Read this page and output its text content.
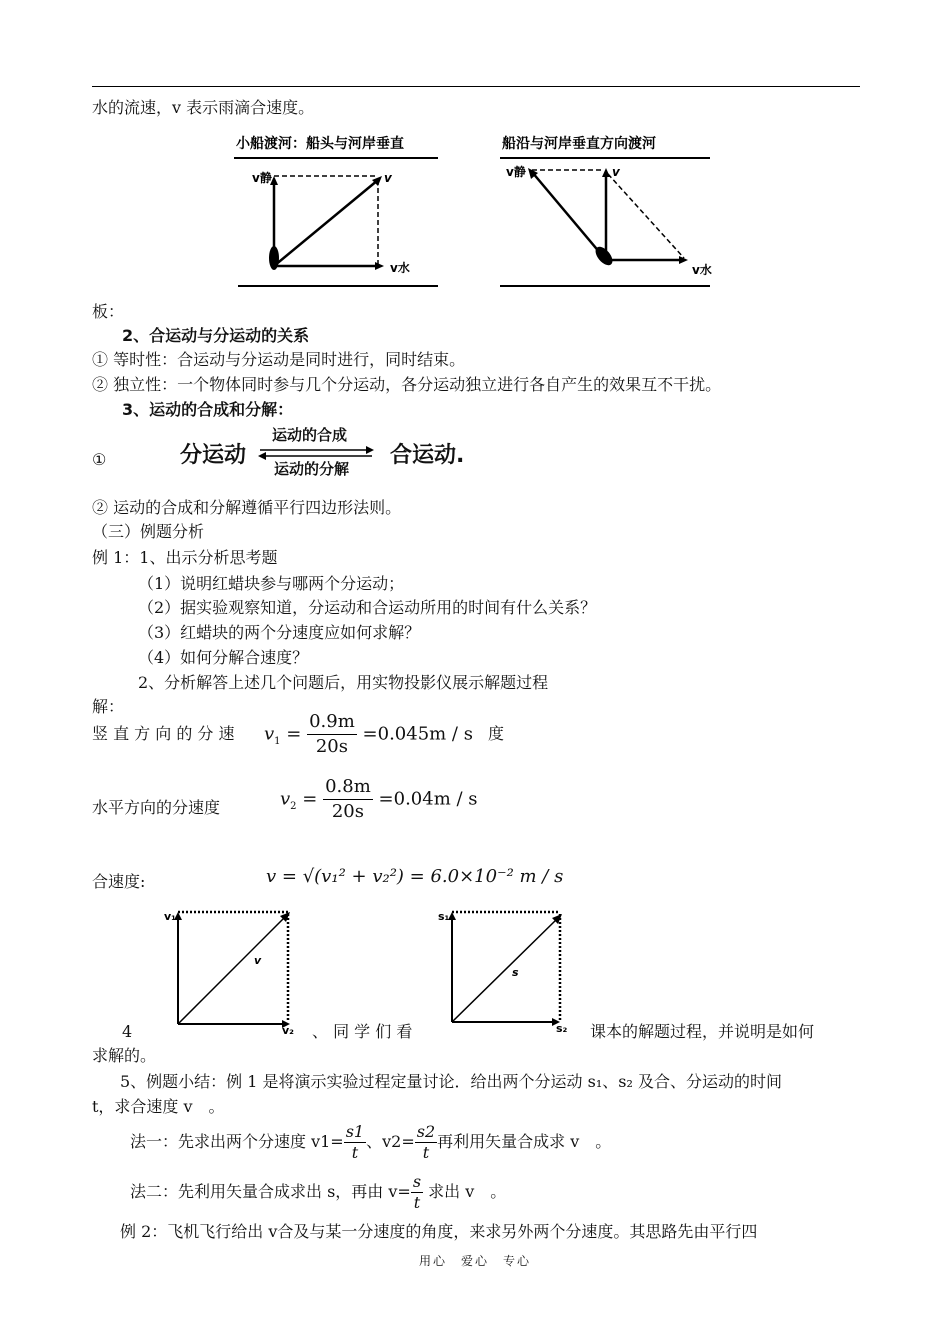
水的流速，v 表示雨滴合速度。
小船渡河：船头与河岸垂直
v静	v
v水
船沿与河岸垂直方向渡河
v静	v
v水
板：
2、合运动与分运动的关系
① 等时性：合运动与分运动是同时进行，同时结束。
② 独立性：一个物体同时参与几个分运动，各分运动独立进行各自产生的效果互不干扰。
3、运动的合成和分解：
①	分运动
运动的合成
运动的分解
合运动.
② 运动的合成和分解遵循平行四边形法则。
（三）例题分析
例 1：1、出示分析思考题
（1）说明红蜡块参与哪两个分运动；
（2）据实验观察知道，分运动和合运动所用的时间有什么关系？
（3）红蜡块的两个分速度应如何求解？
（4）如何分解合速度？
2、分析解答上述几个问题后，用实物投影仪展示解题过程
解：
竖 直 方 向 的 分 速 $v_1 = \frac{0.9m}{20s} =0.045m / s$ 度
水平方向的分速度	$v_2 = \frac{0.8m}{20s} =0.04m / s$
合速度:	v = √(v₁² + v₂²) = 6.0×10⁻² m / s
v₁
v
v₂
s₁
s
s₂
4	、 同 学 们 看	课本的解题过程，并说明是如何
求解的。
5、例题小结：例 1 是将演示实验过程定量讨论．给出两个分运动 s₁、s₂ 及合、分运动的时间
t，求合速度 v　。
法一：先求出两个分速度 $v1= \frac{s1}{t}$ 、$v2= \frac{s2}{t}$ 再利用矢量合成求 v　。
法二：先利用矢量合成求出 s，再由 $v= \frac{s}{t}$ 求出 v　。
例 2：飞机飞行给出 v合及与某一分速度的角度，来求另外两个分速度。其思路先由平行四
用心　爱心　专心
